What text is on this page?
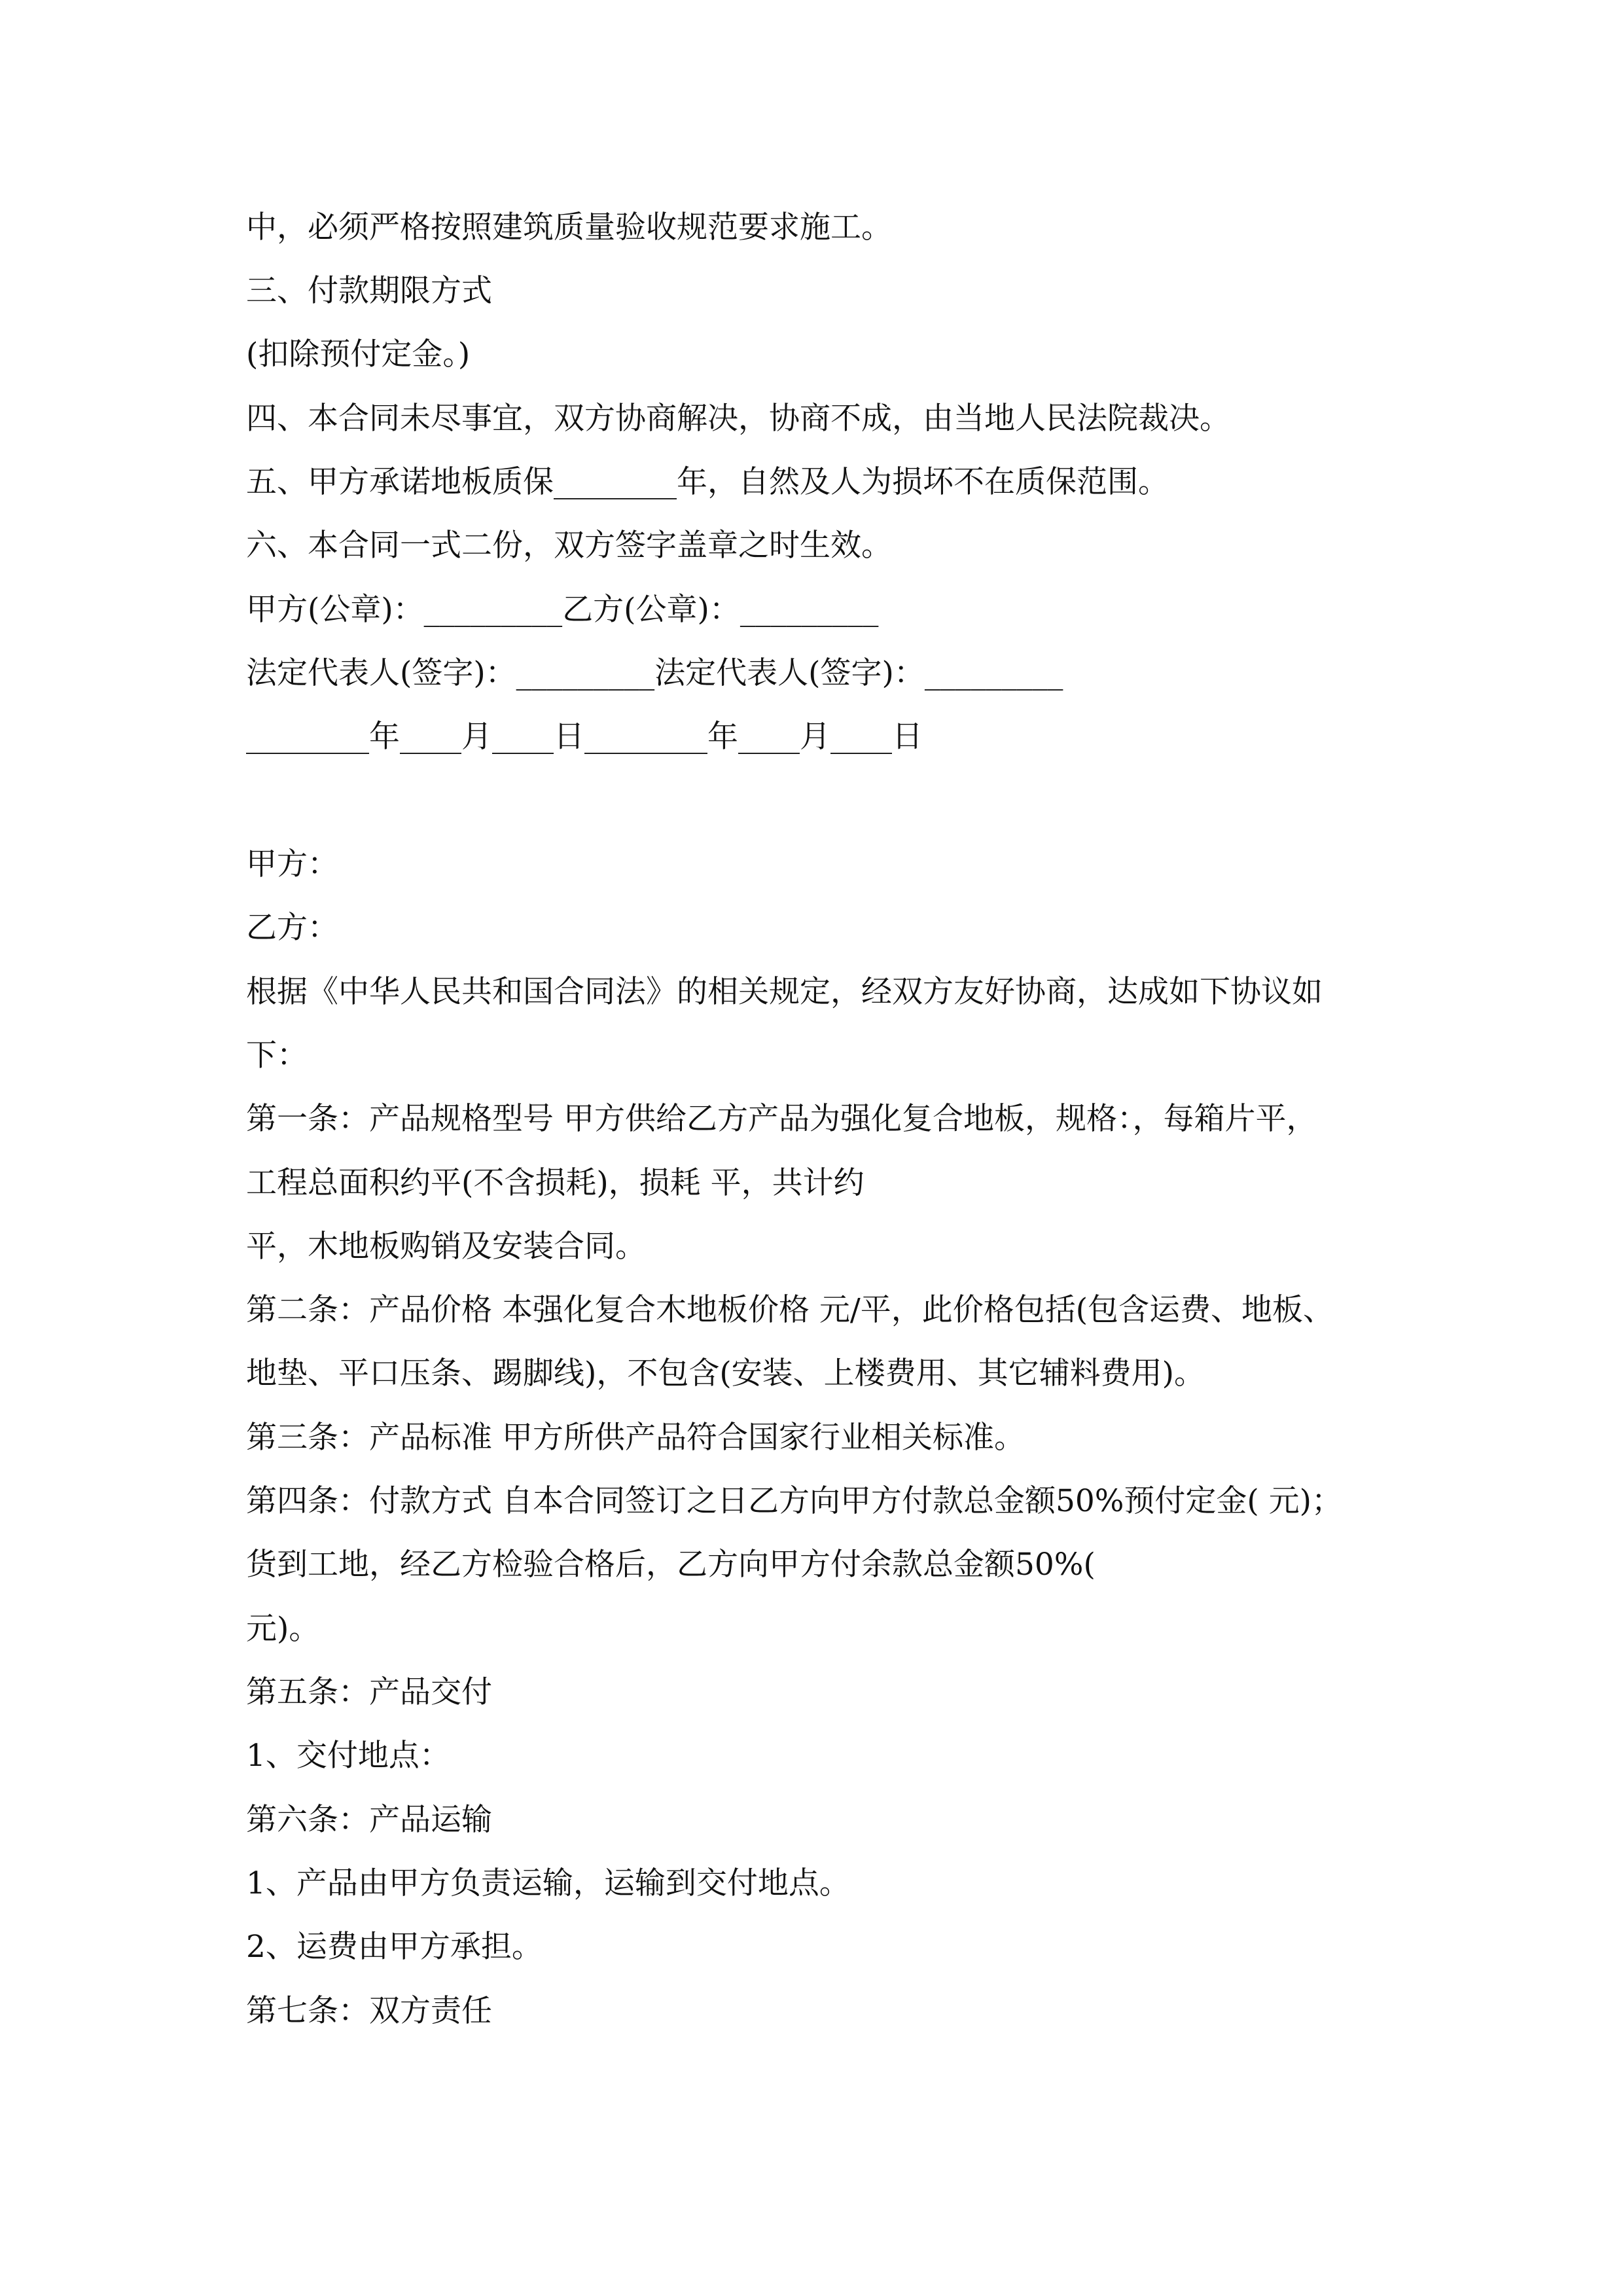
中，必须严格按照建筑质量验收规范要求施工。
三、付款期限方式
(扣除预付定金。)
四、本合同未尽事宜，双方协商解决，协商不成，由当地人民法院裁决。
五、甲方承诺地板质保________年，自然及人为损坏不在质保范围。
六、本合同一式二份，双方签字盖章之时生效。
甲方(公章)：_________乙方(公章)：_________
法定代表人(签字)：_________法定代表人(签字)：_________
________年____月____日________年____月____日
甲方：
乙方：
根据《中华人民共和国合同法》的相关规定，经双方友好协商，达成如下协议如
下：
第一条：产品规格型号 甲方供给乙方产品为强化复合地板，规格：，每箱片平，
工程总面积约平(不含损耗)，损耗 平，共计约
平，木地板购销及安装合同。
第二条：产品价格 本强化复合木地板价格 元/平，此价格包括(包含运费、地板、
地垫、平口压条、踢脚线)，不包含(安装、上楼费用、其它辅料费用)。
第三条：产品标准 甲方所供产品符合国家行业相关标准。
第四条：付款方式 自本合同签订之日乙方向甲方付款总金额50%预付定金( 元)；
货到工地，经乙方检验合格后，乙方向甲方付余款总金额50%(
元)。
第五条：产品交付
1、交付地点：
第六条：产品运输
1、产品由甲方负责运输，运输到交付地点。
2、运费由甲方承担。
第七条：双方责任
